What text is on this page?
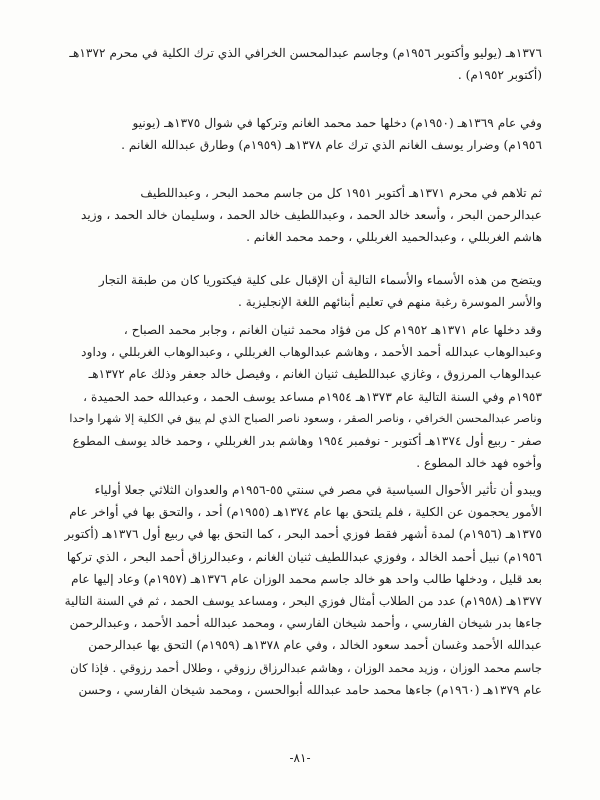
١٣٧٦هـ (يوليو وأكتوبر ١٩٥٦م) وجاسم عبدالمحسن الخرافي الذي ترك الكلية في محرم ١٣٧٢هـ
(أكتوبر ١٩٥٢م) .
وفي عام ١٣٦٩هـ (١٩٥٠م) دخلها حمد محمد الغانم وتركها في شوال ١٣٧٥هـ (يونيو
١٩٥٦م) وضرار يوسف الغانم الذي ترك عام ١٣٧٨هـ (١٩٥٩م) وطارق عبدالله الغانم .
ثم تلاهم في محرم ١٣٧١هـ أكتوبر ١٩٥١ كل من جاسم محمد البحر ، وعبداللطيف
عبدالرحمن البحر ، وأسعد خالد الحمد ، وعبداللطيف خالد الحمد ، وسليمان خالد الحمد ، وزيد
هاشم الغربللي ، وعبدالحميد الغربللي ، وحمد محمد الغانم .
ويتضح من هذه الأسماء والأسماء التالية أن الإقبال على كلية فيكتوريا كان من طبقة التجار
والأسر الموسرة رغبة منهم في تعليم أبنائهم اللغة الإنجليزية .
وقد دخلها عام ١٣٧١هـ ١٩٥٢م كل من فؤاد محمد ثنيان الغانم ، وجابر محمد الصباح ،
وعبدالوهاب عبدالله أحمد الأحمد ، وهاشم عبدالوهاب الغربللي ، وعبدالوهاب الغربللي ، وداود
عبدالوهاب المرزوق ، وغازي عبداللطيف ثنيان الغانم ، وفيصل خالد جعفر وذلك عام ١٣٧٢هـ
١٩٥٣م وفي السنة التالية عام ١٣٧٣هـ ١٩٥٤م مساعد يوسف الحمد ، وعبدالله حمد الحميدة ،
وناصر عبدالمحسن الخرافي ، وناصر الصقر ، وسعود ناصر الصباح الذي لم يبق في الكلية إلا شهرا واحدا
صفر - ربيع أول ١٣٧٤هـ أكتوبر - نوفمبر ١٩٥٤ وهاشم بدر الغربللي ، وحمد خالد يوسف المطوع
وأخوه فهد خالد المطوع .
ويبدو أن تأثير الأحوال السياسية في مصر في سنتي ٥٥-١٩٥٦م والعدوان الثلاثي جعلا أولياء
الأمور يحجمون عن الكلية ، فلم يلتحق بها عام ١٣٧٤هـ (١٩٥٥م) أحد ، والتحق بها في أواخر عام
١٣٧٥هـ (١٩٥٦م) لمدة أشهر فقط فوزي أحمد البحر ، كما التحق بها في ربيع أول ١٣٧٦هـ (أكتوبر
١٩٥٦م) نبيل أحمد الخالد ، وفوزي عبداللطيف ثنيان الغانم ، وعبدالرزاق أحمد البحر ، الذي تركها
بعد قليل ، ودخلها طالب واحد هو خالد جاسم محمد الوزان عام ١٣٧٦هـ (١٩٥٧م) وعاد إليها عام
١٣٧٧هـ (١٩٥٨م) عدد من الطلاب أمثال فوزي البحر ، ومساعد يوسف الحمد ، ثم في السنة التالية
جاءها بدر شيخان الفارسي ، وأحمد شيخان الفارسي ، ومحمد عبدالله أحمد الأحمد ، وعبدالرحمن
عبدالله الأحمد وغسان أحمد سعود الخالد ، وفي عام ١٣٧٨هـ (١٩٥٩م) التحق بها عبدالرحمن
جاسم محمد الوزان ، وزيد محمد الوزان ، وهاشم عبدالرزاق رزوقي ، وطلال أحمد رزوقي . فإذا كان
عام ١٣٧٩هـ (١٩٦٠م) جاءها محمد حامد عبدالله أبوالحسن ، ومحمد شيخان الفارسي ، وحسن
-٨١-
